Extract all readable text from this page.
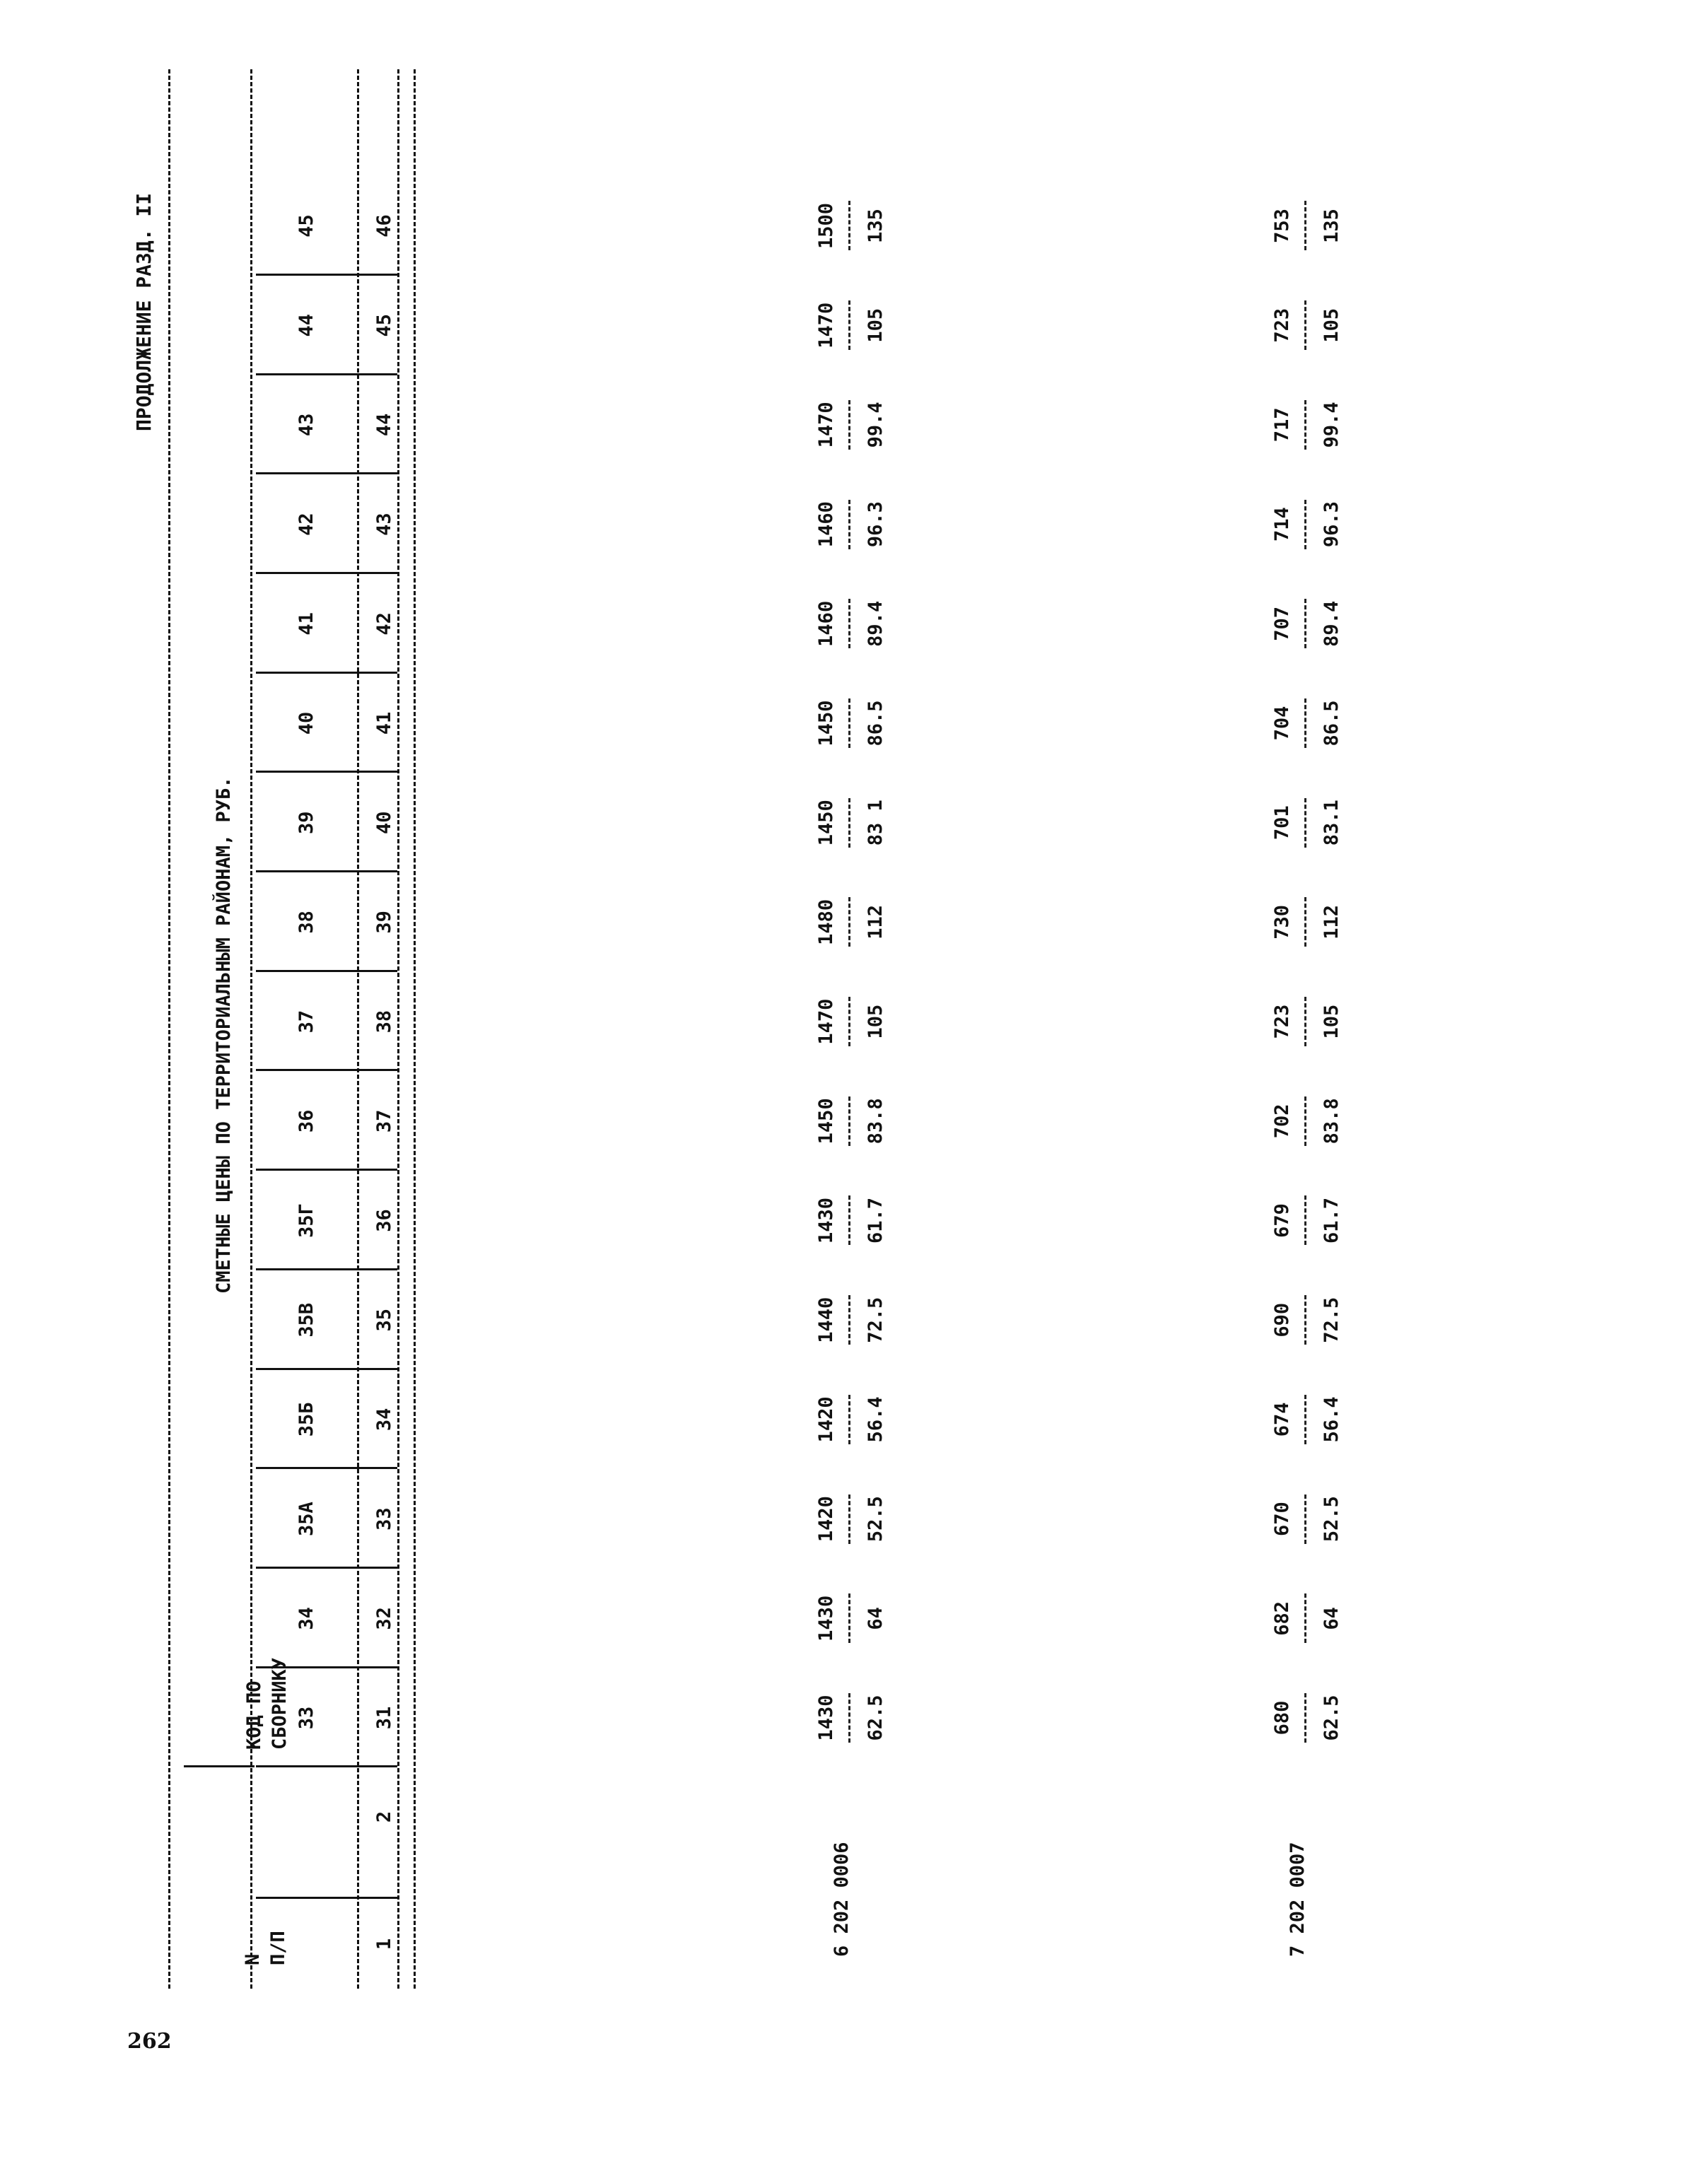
262
ПРОДОЛЖЕНИЕ РАЗД. II
СМЕТНЫЕ ЦЕНЫ ПО ТЕРРИТОРИАЛЬНЫМ РАЙОНАМ, РУБ.
N
П/П
КОД ПО
СБОРНИКУ 33
34
35А
35Б
35В
35Г
36
37
38
39
40
41
42
43
44
45
1
2
31
32
33
34
35
36
37
38
39
40
41
42
43
44
45
46
6 202 0006
1430 62.5
1430 64
1420 52.5
1420 56.4
1440 72.5
1430 61.7
1450 83.8
1470 105
1480 112
1450 83 1
1450 86.5
1460 89.4
1460 96.3
1470 99.4
1470 105
1500 135
7 202 0007
680 62.5
682 64
670 52.5
674 56.4
690 72.5
679 61.7
702 83.8
723 105
730 112
701 83.1
704 86.5
707 89.4
714 96.3
717 99.4
723 105
753 135
